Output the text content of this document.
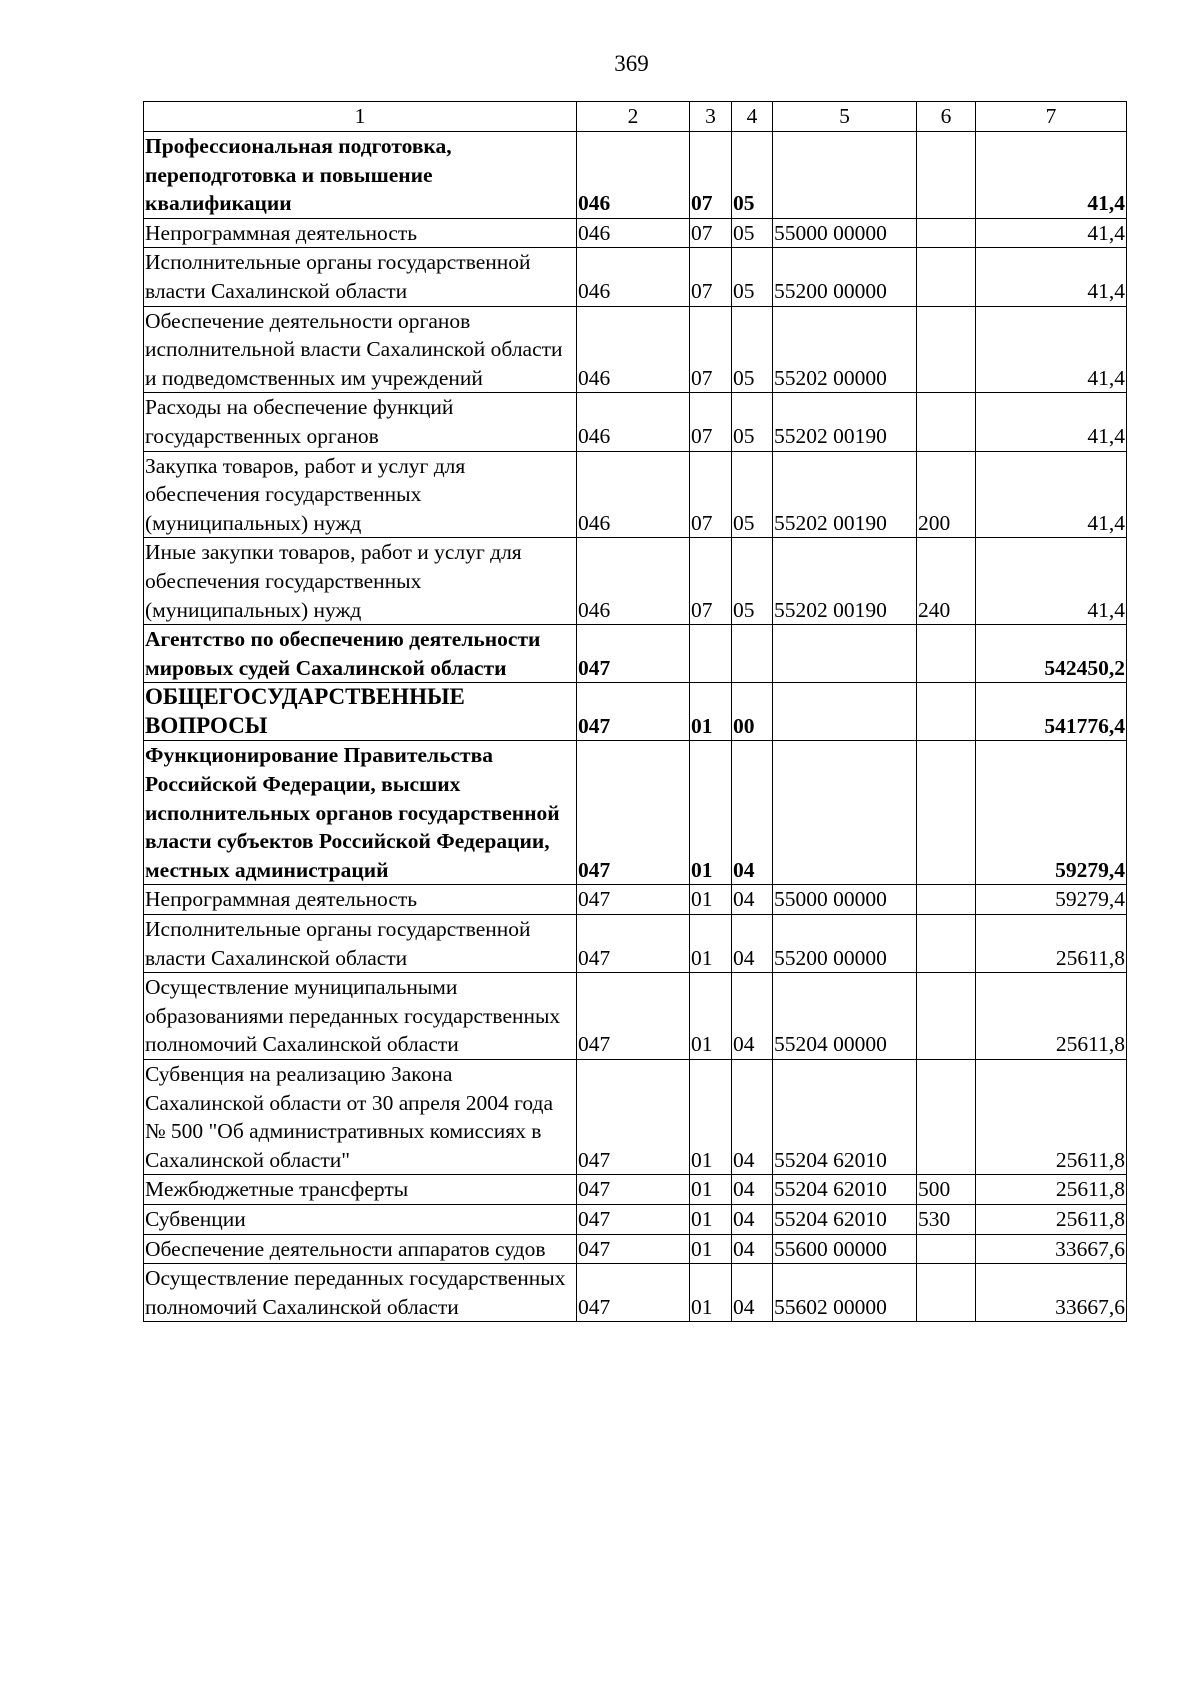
369
1	2	3	4	5	6	7
Профессиональная подготовка, переподготовка и повышение квалификации	046	07	05			41,4
Непрограммная деятельность	046	07	05	55000 00000		41,4
Исполнительные органы государственной власти Сахалинской области	046	07	05	55200 00000		41,4
Обеспечение деятельности органов исполнительной власти Сахалинской области и подведомственных им учреждений	046	07	05	55202 00000		41,4
Расходы на обеспечение функций государственных органов	046	07	05	55202 00190		41,4
Закупка товаров, работ и услуг для обеспечения государственных (муниципальных) нужд	046	07	05	55202 00190	200	41,4
Иные закупки товаров, работ и услуг для обеспечения государственных (муниципальных) нужд	046	07	05	55202 00190	240	41,4
Агентство по обеспечению деятельности мировых судей Сахалинской области	047					542450,2
ОБЩЕГОСУДАРСТВЕННЫЕ ВОПРОСЫ	047	01	00			541776,4
Функционирование Правительства Российской Федерации, высших исполнительных органов государственной власти субъектов Российской Федерации, местных администраций	047	01	04			59279,4
Непрограммная деятельность	047	01	04	55000 00000		59279,4
Исполнительные органы государственной власти Сахалинской области	047	01	04	55200 00000		25611,8
Осуществление муниципальными образованиями переданных государственных полномочий Сахалинской области	047	01	04	55204 00000		25611,8
Субвенция на реализацию Закона Сахалинской области от 30 апреля 2004 года № 500 "Об административных комиссиях в Сахалинской области"	047	01	04	55204 62010		25611,8
Межбюджетные трансферты	047	01	04	55204 62010	500	25611,8
Субвенции	047	01	04	55204 62010	530	25611,8
Обеспечение деятельности аппаратов судов	047	01	04	55600 00000		33667,6
Осуществление переданных государственных полномочий Сахалинской области	047	01	04	55602 00000		33667,6
